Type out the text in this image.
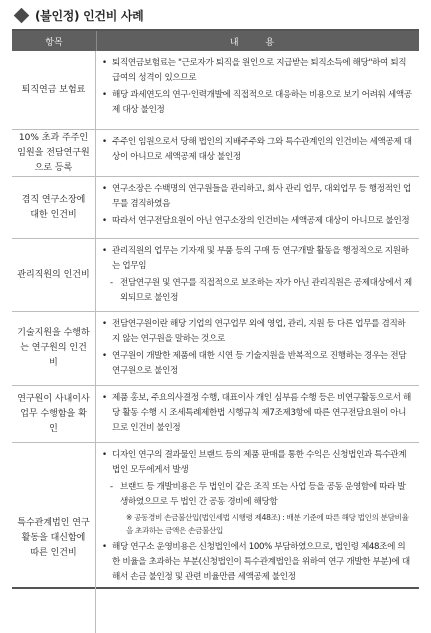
(불인정) 인건비 사례
항목	내 용
퇴직연금 보험료
• 퇴직연금보험료는 "근로자가 퇴직을 원인으로 지급받는 퇴직소득에 해당"하여 퇴직급여의 성격이 있으므로
• 해당 과세연도의 연구·인력개발에 직접적으로 대응하는 비용으로 보기 어려워 세액공제 대상 불인정
10% 초과 주주인 임원을 전담연구원으로 등록
• 주주인 임원으로서 당해 법인의 지배주주와 그와 특수관계인의 인건비는 세액공제 대상이 아니므로 세액공제 대상 불인정
겸직 연구소장에 대한 인건비
• 연구소장은 수백명의 연구원들을 관리하고, 회사 관리 업무, 대외업무 등 행정적인 업무를 겸직하였음
• 따라서 연구전담요원이 아닌 연구소장의 인건비는 세액공제 대상이 아니므로 불인정
관리직원의 인건비
• 관리직원의 업무는 기자재 및 부품 등의 구매 등 연구개발 활동을 행정적으로 지원하는 업무임
- 전담연구원 및 연구를 직접적으로 보조하는 자가 아닌 관리직원은 공제대상에서 제외되므로 불인정
기술지원을 수행하는 연구원의 인건비
• 전담연구원이란 해당 기업의 연구업무 외에 영업, 관리, 지원 등 다른 업무를 겸직하지 않는 연구원을 말하는 것으로
• 연구원이 개발한 제품에 대한 시연 등 기술지원을 반복적으로 진행하는 경우는 전담연구원으로 불인정
연구원이 사내이사 업무 수행함을 확인
• 제품 홍보, 주요의사결정 수행, 대표이사 개인 심부름 수행 등은 비연구활동으로서 해당 활동 수행 시 조세특례제한법 시행규칙 제7조제3항에 따른 연구전담요원이 아니므로 인건비 불인정
특수관계법인 연구활동을 대신함에 따른 인건비
• 디자인 연구의 결과물인 브랜드 등의 제품 판매를 통한 수익은 신청법인과 특수관계법인 모두에게서 발생
- 브랜드 등 개발비용은 두 법인이 같은 조직 또는 사업 등을 공동 운영함에 따라 발생하였으므로 두 법인 간 공동 경비에 해당함
※ 공동경비 손금불산입(법인세법 시행령 제48조) : 배분 기준에 따른 해당 법인의 분담비율을 초과하는 금액은 손금불산입
• 해당 연구소 운영비용은 신청법인에서 100% 부담하였으므로, 법인령 제48조에 의한 비율을 초과하는 부분(신청법인이 특수관계법인을 위하여 연구 개발한 부분)에 대해서 손금 불인정 및 관련 비율만큼 세액공제 불인정
